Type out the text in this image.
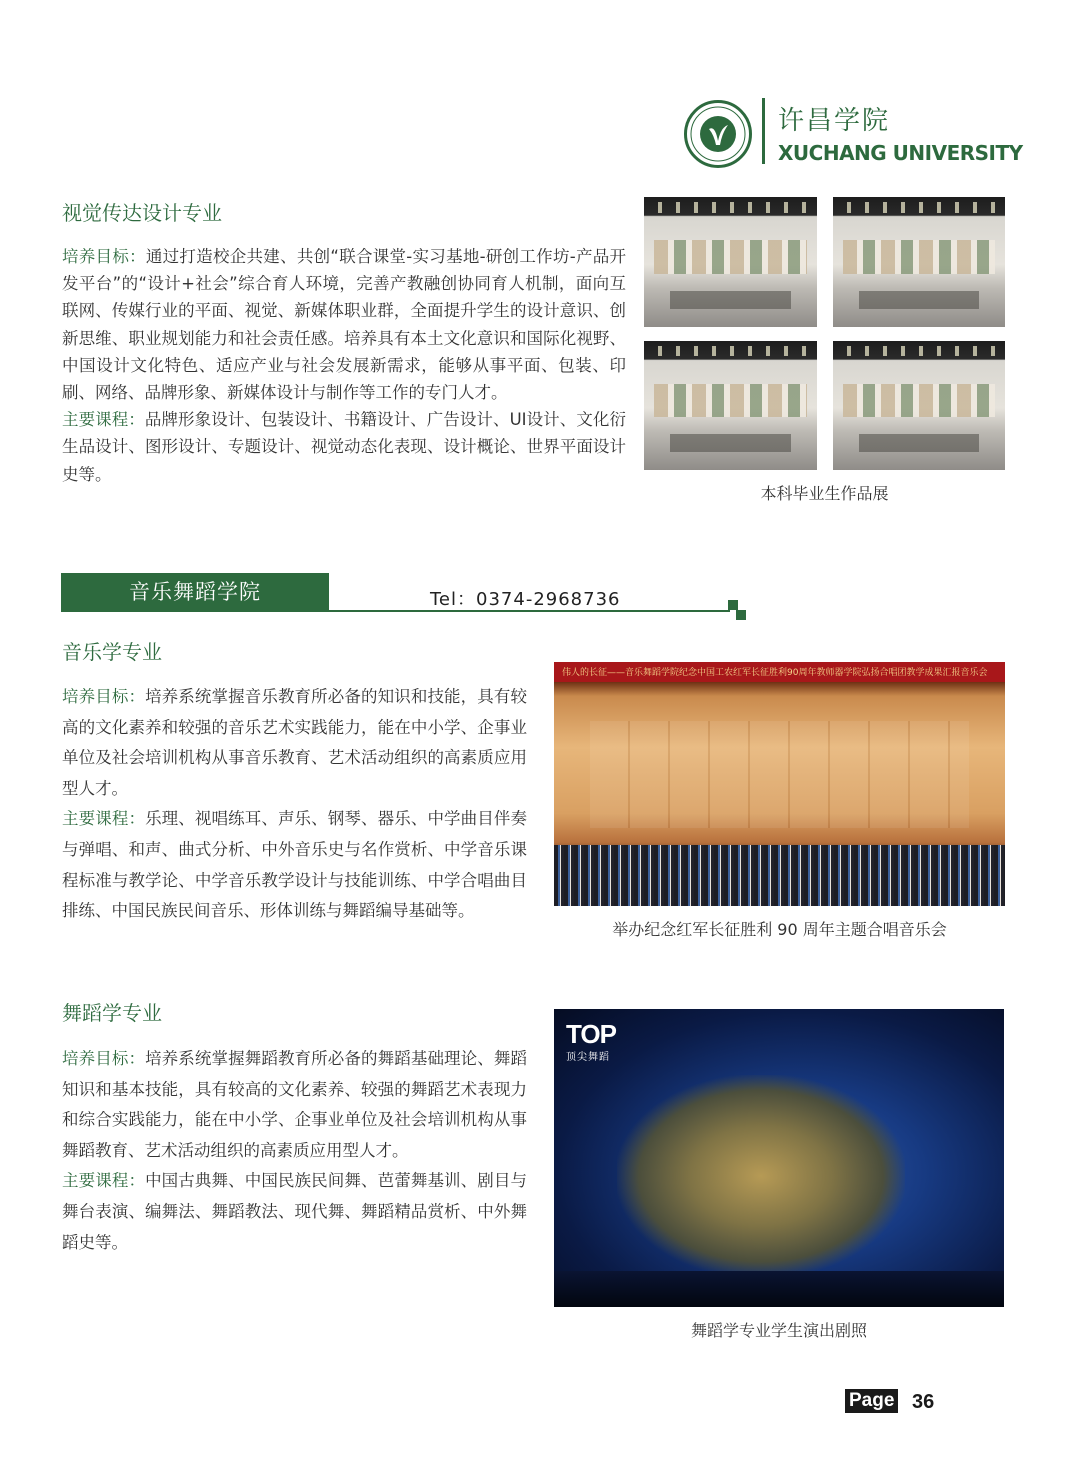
许昌学院
XUCHANG UNIVERSITY
视觉传达设计专业
培养目标：通过打造校企共建、共创“联合课堂-实习基地-研创工作坊-产品开发平台”的“设计+社会”综合育人环境，完善产教融创协同育人机制，面向互联网、传媒行业的平面、视觉、新媒体职业群，全面提升学生的设计意识、创新思维、职业规划能力和社会责任感。培养具有本土文化意识和国际化视野、中国设计文化特色、适应产业与社会发展新需求，能够从事平面、包装、印刷、网络、品牌形象、新媒体设计与制作等工作的专门人才。
主要课程：品牌形象设计、包装设计、书籍设计、广告设计、UI设计、文化衍生品设计、图形设计、专题设计、视觉动态化表现、设计概论、世界平面设计史等。
本科毕业生作品展
音乐舞蹈学院	Tel：0374-2968736
音乐学专业
培养目标：培养系统掌握音乐教育所必备的知识和技能，具有较高的文化素养和较强的音乐艺术实践能力，能在中小学、企事业单位及社会培训机构从事音乐教育、艺术活动组织的高素质应用型人才。
主要课程：乐理、视唱练耳、声乐、钢琴、器乐、中学曲目伴奏与弹唱、和声、曲式分析、中外音乐史与名作赏析、中学音乐课程标准与教学论、中学音乐教学设计与技能训练、中学合唱曲目排练、中国民族民间音乐、形体训练与舞蹈编导基础等。
伟人的长征——音乐舞蹈学院纪念中国工农红军长征胜利90周年教师器学院弘扬合唱团教学成果汇报音乐会
举办纪念红军长征胜利 90 周年主题合唱音乐会
舞蹈学专业
培养目标：培养系统掌握舞蹈教育所必备的舞蹈基础理论、舞蹈知识和基本技能，具有较高的文化素养、较强的舞蹈艺术表现力和综合实践能力，能在中小学、企事业单位及社会培训机构从事舞蹈教育、艺术活动组织的高素质应用型人才。
主要课程：中国古典舞、中国民族民间舞、芭蕾舞基训、剧目与舞台表演、编舞法、舞蹈教法、现代舞、舞蹈精品赏析、中外舞蹈史等。
TOP
顶尖舞蹈
舞蹈学专业学生演出剧照
Page 36
